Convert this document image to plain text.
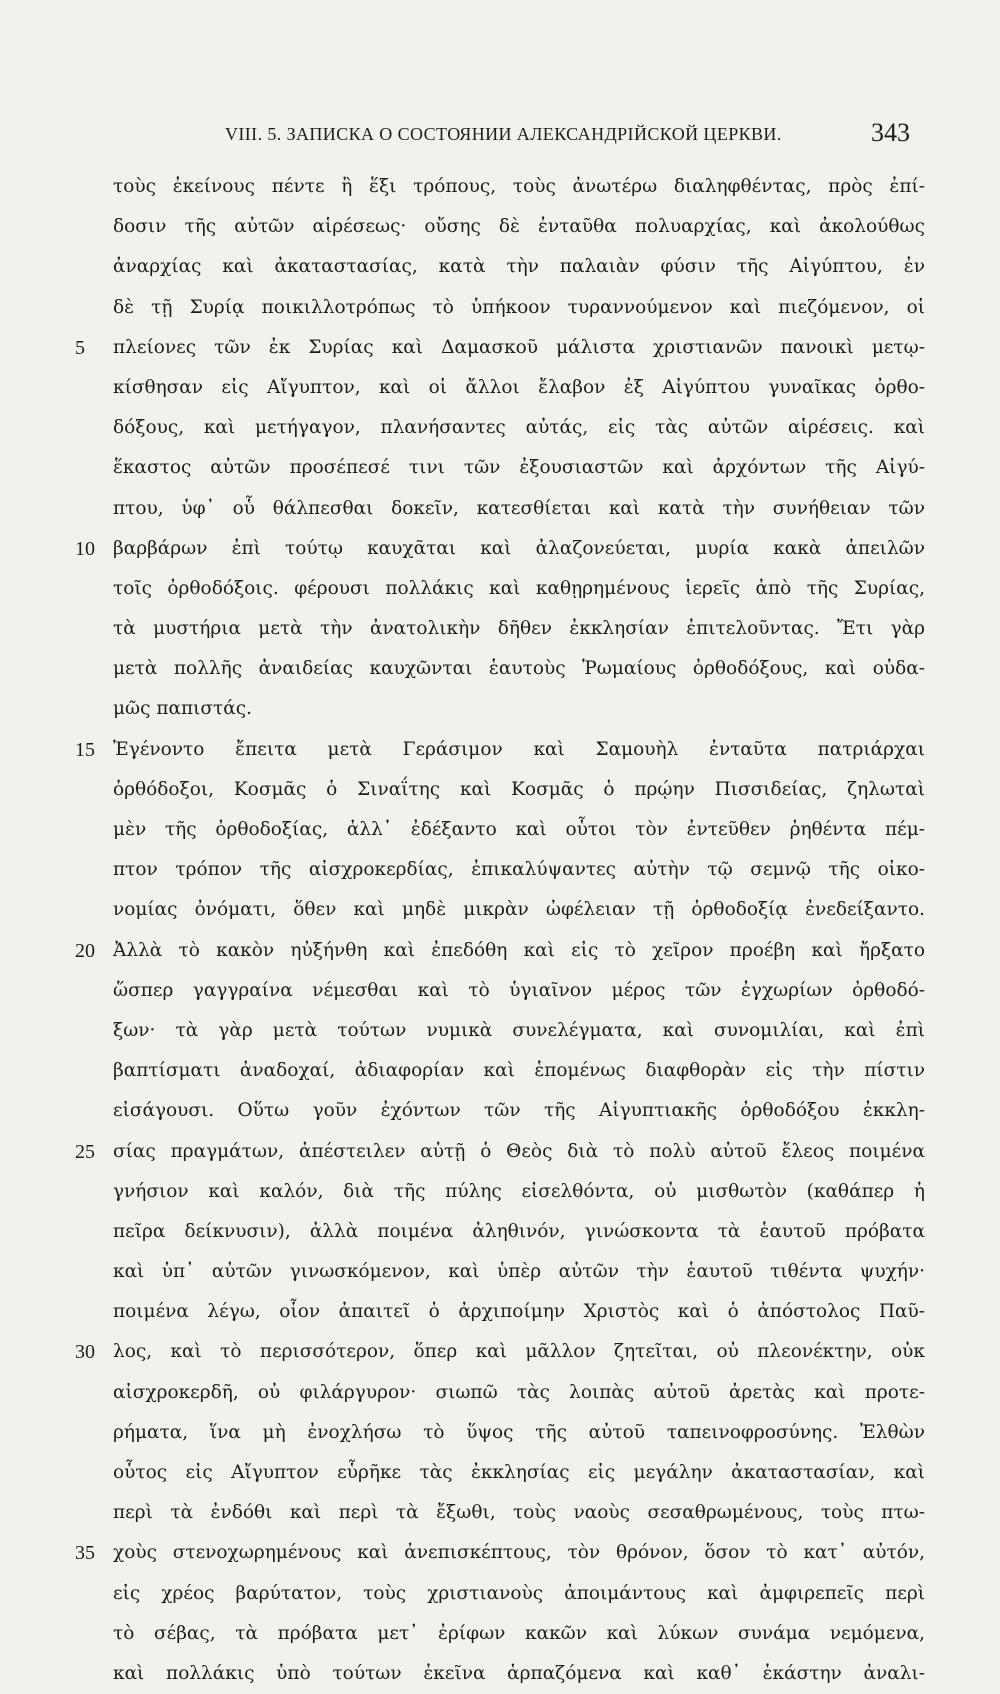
VIII. 5. ЗАПИСКА О СОСТОЯНИИ АЛЕКСАНДРІЙСКОЙ ЦЕРКВИ.	343
τοὺς ἐκείνους πέντε ἢ ἕξι τρόπους, τοὺς ἀνωτέρω διαληφθέντας, πρὸς ἐπί-
δοσιν τῆς αὐτῶν αἱρέσεως· οὔσης δὲ ἐνταῦθα πολυαρχίας, καὶ ἀκολούθως
ἀναρχίας καὶ ἀκαταστασίας, κατὰ τὴν παλαιὰν φύσιν τῆς Αἰγύπτου, ἐν
δὲ τῇ Συρίᾳ ποικιλλοτρόπως τὸ ὑπήκοον τυραννούμενον καὶ πιεζόμενον, οἱ
5	πλείονες τῶν ἐκ Συρίας καὶ Δαμασκοῦ μάλιστα χριστιανῶν πανοικὶ μετῳ-
κίσθησαν εἰς Αἴγυπτον, καὶ οἱ ἄλλοι ἔλαβον ἐξ Αἰγύπτου γυναῖκας ὀρθο-
δόξους, καὶ μετήγαγον, πλανήσαντες αὐτάς, εἰς τὰς αὐτῶν αἱρέσεις. καὶ
ἕκαστος αὐτῶν προσέπεσέ τινι τῶν ἐξουσιαστῶν καὶ ἀρχόντων τῆς Αἰγύ-
πτου, ὑφ᾽ οὗ θάλπεσθαι δοκεῖν, κατεσθίεται καὶ κατὰ τὴν συνήθειαν τῶν
10 βαρβάρων ἐπὶ τούτῳ καυχᾶται καὶ ἀλαζονεύεται, μυρία κακὰ ἀπειλῶν
τοῖς ὀρθοδόξοις. φέρουσι πολλάκις καὶ καθῃρημένους ἱερεῖς ἀπὸ τῆς Συρίας,
τὰ μυστήρια μετὰ τὴν ἀνατολικὴν δῆθεν ἐκκλησίαν ἐπιτελοῦντας. Ἔτι γὰρ
μετὰ πολλῆς ἀναιδείας καυχῶνται ἑαυτοὺς Ῥωμαίους ὀρθοδόξους, καὶ οὐδα-
μῶς παπιστάς.
15 Ἐγένοντο ἔπειτα μετὰ Γεράσιμον καὶ Σαμουὴλ ἐνταῦτα πατριάρχαι
ὀρθόδοξοι, Κοσμᾶς ὁ Σιναΐτης καὶ Κοσμᾶς ὁ πρῴην Πισσιδείας, ζηλωταὶ
μὲν τῆς ὀρθοδοξίας, ἀλλ᾽ ἐδέξαντο καὶ οὗτοι τὸν ἐντεῦθεν ῥηθέντα πέμ-
πτον τρόπον τῆς αἰσχροκερδίας, ἐπικαλύψαντες αὐτὴν τῷ σεμνῷ τῆς οἰκο-
νομίας ὀνόματι, ὅθεν καὶ μηδὲ μικρὰν ὠφέλειαν τῇ ὀρθοδοξίᾳ ἐνεδείξαντο.
20 Ἀλλὰ τὸ κακὸν ηὐξήνθη καὶ ἐπεδόθη καὶ εἰς τὸ χεῖρον προέβη καὶ ἤρξατο
ὥσπερ γαγγραίνα νέμεσθαι καὶ τὸ ὑγιαῖνον μέρος τῶν ἐγχωρίων ὀρθοδό-
ξων· τὰ γὰρ μετὰ τούτων νυμικὰ συνελέγματα, καὶ συνομιλίαι, καὶ ἐπὶ
βαπτίσματι ἀναδοχαί, ἀδιαφορίαν καὶ ἑπομένως διαφθορὰν εἰς τὴν πίστιν
εἰσάγουσι. Οὕτω γοῦν ἐχόντων τῶν τῆς Αἰγυπτιακῆς ὀρθοδόξου ἐκκλη-
25 σίας πραγμάτων, ἀπέστειλεν αὐτῇ ὁ Θεὸς διὰ τὸ πολὺ αὐτοῦ ἔλεος ποιμένα
γνήσιον καὶ καλόν, διὰ τῆς πύλης εἰσελθόντα, οὐ μισθωτὸν (καθάπερ ἡ
πεῖρα δείκνυσιν), ἀλλὰ ποιμένα ἀληθινόν, γινώσκοντα τὰ ἑαυτοῦ πρόβατα
καὶ ὑπ᾽ αὐτῶν γινωσκόμενον, καὶ ὑπὲρ αὐτῶν τὴν ἑαυτοῦ τιθέντα ψυχήν·
ποιμένα λέγω, οἷον ἀπαιτεῖ ὁ ἀρχιποίμην Χριστὸς καὶ ὁ ἀπόστολος Παῦ-
30 λος, καὶ τὸ περισσότερον, ὅπερ καὶ μᾶλλον ζητεῖται, οὐ πλεονέκτην, οὐκ
αἰσχροκερδῆ, οὐ φιλάργυρον· σιωπῶ τὰς λοιπὰς αὐτοῦ ἀρετὰς καὶ προτε-
ρήματα, ἵνα μὴ ἐνοχλήσω τὸ ὕψος τῆς αὐτοῦ ταπεινοφροσύνης. Ἐλθὼν
οὗτος εἰς Αἴγυπτον εὗρῆκε τὰς ἐκκλησίας εἰς μεγάλην ἀκαταστασίαν, καὶ
περὶ τὰ ἐνδόθι καὶ περὶ τὰ ἔξωθι, τοὺς ναοὺς σεσαθρωμένους, τοὺς πτω-
35 χοὺς στενοχωρημένους καὶ ἀνεπισκέπτους, τὸν θρόνον, ὅσον τὸ κατ᾽ αὐτόν,
εἰς χρέος βαρύτατον, τοὺς χριστιανοὺς ἀποιμάντους καὶ ἀμφιρεπεῖς περὶ
τὸ σέβας, τὰ πρόβατα μετ᾽ ἐρίφων κακῶν καὶ λύκων συνάμα νεμόμενα,
καὶ πολλάκις ὑπὸ τούτων ἐκεῖνα ἁρπαζόμενα καὶ καθ᾽ ἑκάστην ἀναλι-
